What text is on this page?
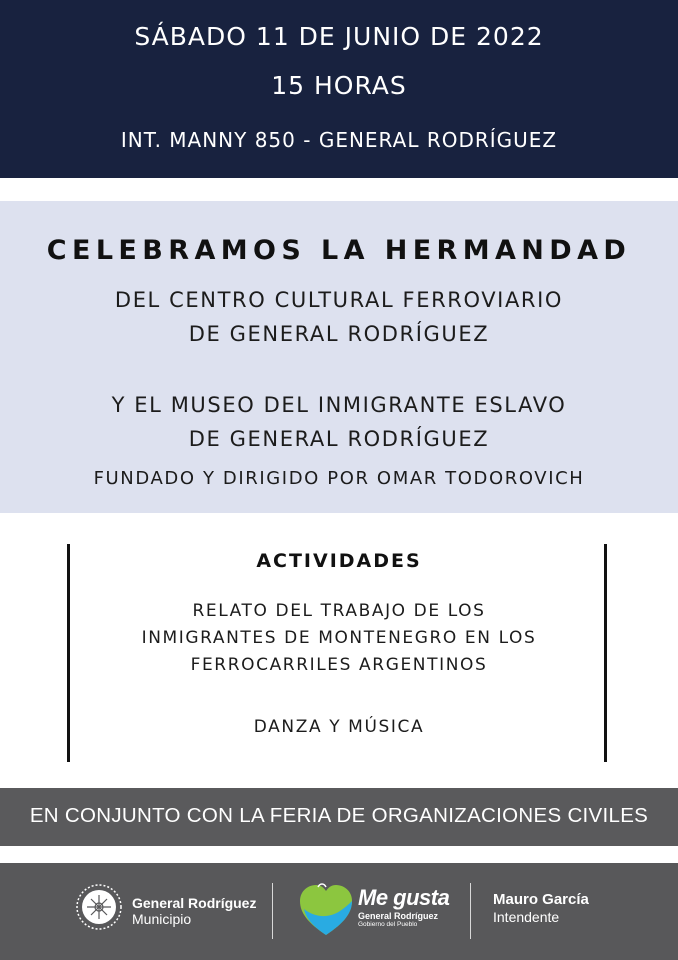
SÁBADO 11 DE JUNIO DE 2022
15 HORAS
INT. MANNY 850 - GENERAL RODRÍGUEZ
CELEBRAMOS LA HERMANDAD
DEL CENTRO CULTURAL FERROVIARIO
DE GENERAL RODRÍGUEZ
Y EL MUSEO DEL INMIGRANTE ESLAVO
DE GENERAL RODRÍGUEZ
FUNDADO Y DIRIGIDO POR OMAR TODOROVICH
ACTIVIDADES
RELATO DEL TRABAJO DE LOS
INMIGRANTES DE MONTENEGRO EN LOS
FERROCARRILES ARGENTINOS
DANZA Y MÚSICA
EN CONJUNTO CON LA FERIA DE ORGANIZACIONES CIVILES
General Rodríguez
Municipio
Me gusta
General Rodríguez
Gobierno del Pueblo
Mauro García
Intendente
